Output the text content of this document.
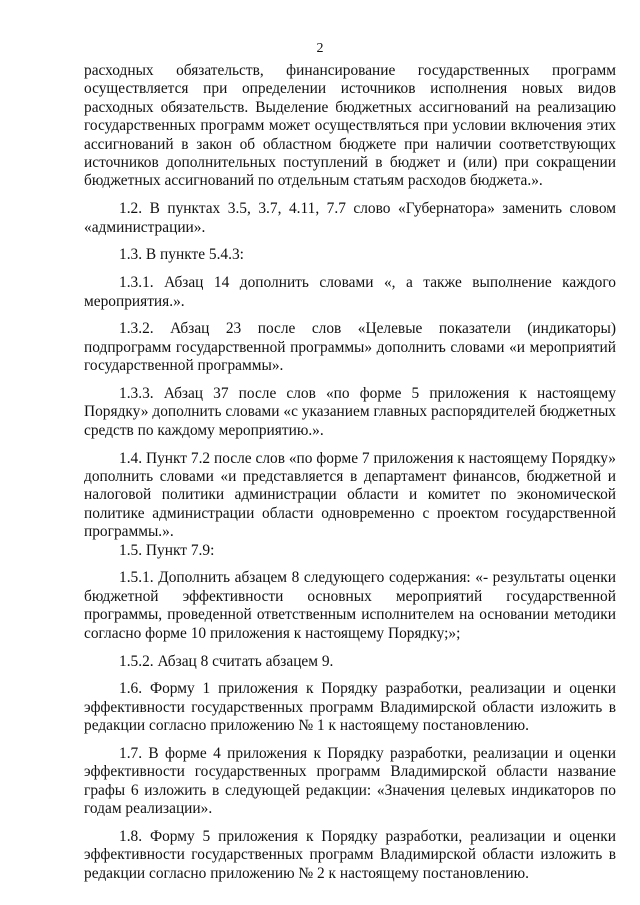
2

расходных обязательств, финансирование государственных программ осуществляется при определении источников исполнения новых видов расходных обязательств. Выделение бюджетных ассигнований на реализацию государственных программ может осуществляться при условии включения этих ассигнований в закон об областном бюджете при наличии соответствующих источников дополнительных поступлений в бюджет и (или) при сокращении бюджетных ассигнований по отдельным статьям расходов бюджета.».

1.2. В пунктах 3.5, 3.7, 4.11, 7.7 слово «Губернатора» заменить словом «администрации».

1.3. В пункте 5.4.3:

1.3.1. Абзац 14 дополнить словами «, а также выполнение каждого мероприятия.».

1.3.2. Абзац 23 после слов «Целевые показатели (индикаторы) подпрограмм государственной программы» дополнить словами «и мероприятий государственной программы».

1.3.3. Абзац 37 после слов «по форме 5 приложения к настоящему Порядку» дополнить словами «с указанием главных распорядителей бюджетных средств по каждому мероприятию.».

1.4. Пункт 7.2 после слов «по форме 7 приложения к настоящему Порядку» дополнить словами «и представляется в департамент финансов, бюджетной и налоговой политики администрации области и комитет по экономической политике администрации области одновременно с проектом государственной программы.».

1.5. Пункт 7.9:

1.5.1. Дополнить абзацем 8 следующего содержания: «- результаты оценки бюджетной эффективности основных мероприятий государственной программы, проведенной ответственным исполнителем на основании методики согласно форме 10 приложения к настоящему Порядку;»;

1.5.2. Абзац 8 считать абзацем 9.

1.6. Форму 1 приложения к Порядку разработки, реализации и оценки эффективности государственных программ Владимирской области изложить в редакции согласно приложению № 1 к настоящему постановлению.

1.7. В форме 4 приложения к Порядку разработки, реализации и оценки эффективности государственных программ Владимирской области название графы 6 изложить в следующей редакции: «Значения целевых индикаторов по годам реализации».

1.8. Форму 5 приложения к Порядку разработки, реализации и оценки эффективности государственных программ Владимирской области изложить в редакции согласно приложению № 2 к настоящему постановлению.
